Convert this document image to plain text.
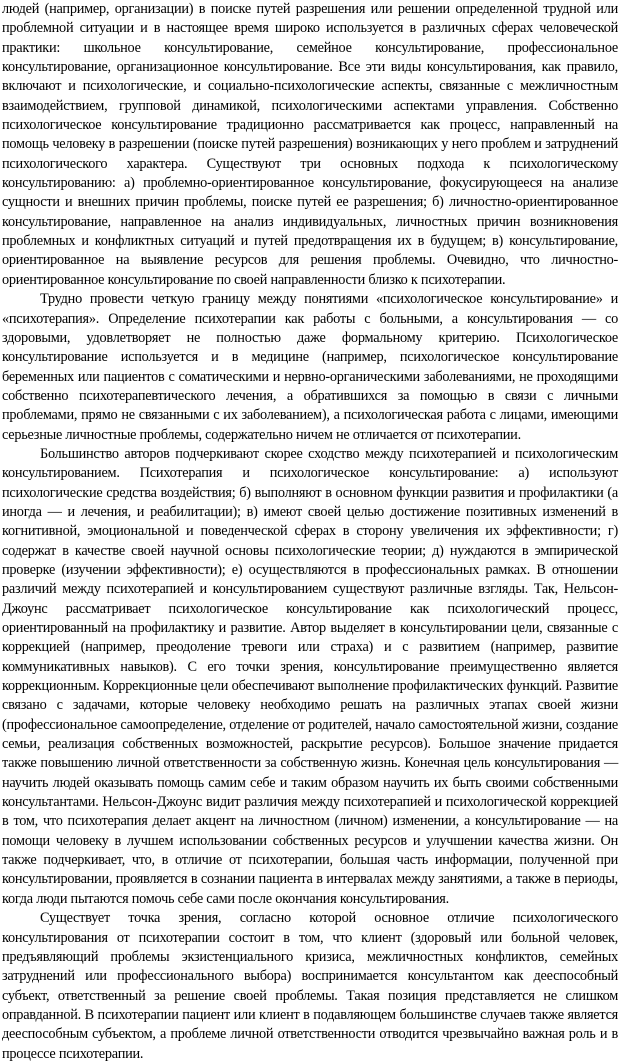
людей (например, организации) в поиске путей разрешения или решении определенной трудной или проблемной ситуации и в настоящее время широко используется в различных сферах человеческой практики: школьное консультирование, семейное консультирование, профессиональное консультирование, организационное консультирование. Все эти виды консультирования, как правило, включают и психологические, и социально-психологические аспекты, связанные с межличностным взаимодействием, групповой динамикой, психологическими аспектами управления. Собственно психологическое консультирование традиционно рассматривается как процесс, направленный на помощь человеку в разрешении (поиске путей разрешения) возникающих у него проблем и затруднений психологического характера. Существуют три основных подхода к психологическому консультированию: а) проблемно-ориентированное консультирование, фокусирующееся на анализе сущности и внешних причин проблемы, поиске путей ее разрешения; б) личностно-ориентированное консультирование, направленное на анализ индивидуальных, личностных причин возникновения проблемных и конфликтных ситуаций и путей предотвращения их в будущем; в) консультирование, ориентированное на выявление ресурсов для решения проблемы. Очевидно, что личностно-ориентированное консультирование по своей направленности близко к психотерапии.

Трудно провести четкую границу между понятиями «психологическое консультирование» и «психотерапия». Определение психотерапии как работы с больными, а консультирования — со здоровыми, удовлетворяет не полностью даже формальному критерию. Психологическое консультирование используется и в медицине (например, психологическое консультирование беременных или пациентов с соматическими и нервно-органическими заболеваниями, не проходящими собственно психотерапевтического лечения, а обратившихся за помощью в связи с личными проблемами, прямо не связанными с их заболеванием), а психологическая работа с лицами, имеющими серьезные личностные проблемы, содержательно ничем не отличается от психотерапии.

Большинство авторов подчеркивают скорее сходство между психотерапией и психологическим консультированием. Психотерапия и психологическое консультирование: а) используют психологические средства воздействия; б) выполняют в основном функции развития и профилактики (а иногда — и лечения, и реабилитации); в) имеют своей целью достижение позитивных изменений в когнитивной, эмоциональной и поведенческой сферах в сторону увеличения их эффективности; г) содержат в качестве своей научной основы психологические теории; д) нуждаются в эмпирической проверке (изучении эффективности); е) осуществляются в профессиональных рамках. В отношении различий между психотерапией и консультированием существуют различные взгляды. Так, Нельсон-Джоунс рассматривает психологическое консультирование как психологический процесс, ориентированный на профилактику и развитие. Автор выделяет в консультировании цели, связанные с коррекцией (например, преодоление тревоги или страха) и с развитием (например, развитие коммуникативных навыков). С его точки зрения, консультирование преимущественно является коррекционным. Коррекционные цели обеспечивают выполнение профилактических функций. Развитие связано с задачами, которые человеку необходимо решать на различных этапах своей жизни (профессиональное самоопределение, отделение от родителей, начало самостоятельной жизни, создание семьи, реализация собственных возможностей, раскрытие ресурсов). Большое значение придается также повышению личной ответственности за собственную жизнь. Конечная цель консультирования — научить людей оказывать помощь самим себе и таким образом научить их быть своими собственными консультантами. Нельсон-Джоунс видит различия между психотерапией и психологической коррекцией в том, что психотерапия делает акцент на личностном (личном) изменении, а консультирование — на помощи человеку в лучшем использовании собственных ресурсов и улучшении качества жизни. Он также подчеркивает, что, в отличие от психотерапии, большая часть информации, полученной при консультировании, проявляется в сознании пациента в интервалах между занятиями, а также в периоды, когда люди пытаются помочь себе сами после окончания консультирования.

Существует точка зрения, согласно которой основное отличие психологического консультирования от психотерапии состоит в том, что клиент (здоровый или больной человек, предъявляющий проблемы экзистенциального кризиса, межличностных конфликтов, семейных затруднений или профессионального выбора) воспринимается консультантом как дееспособный субъект, ответственный за решение своей проблемы. Такая позиция представляется не слишком оправданной. В психотерапии пациент или клиент в подавляющем большинстве случаев также является дееспособным субъектом, а проблеме личной ответственности отводится чрезвычайно важная роль и в процессе психотерапии.
